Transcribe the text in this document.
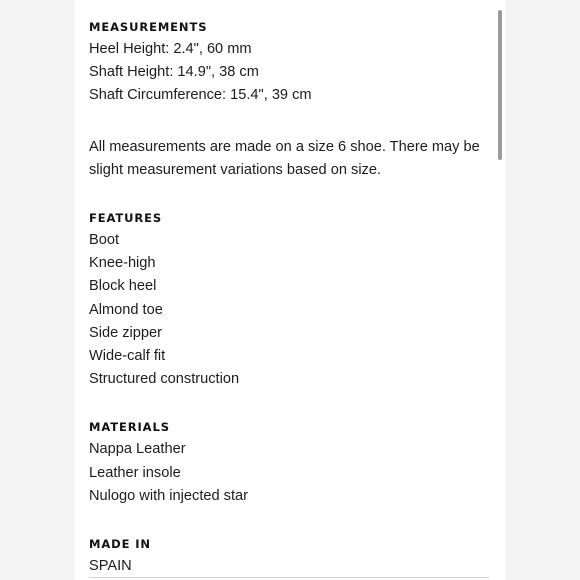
MEASUREMENTS
Heel Height: 2.4", 60 mm
Shaft Height: 14.9", 38 cm
Shaft Circumference: 15.4", 39 cm

All measurements are made on a size 6 shoe. There may be slight measurement variations based on size.

FEATURES
Boot
Knee-high
Block heel
Almond toe
Side zipper
Wide-calf fit
Structured construction
MATERIALS
Nappa Leather
Leather insole
Nulogo with injected star
MADE IN
SPAIN
